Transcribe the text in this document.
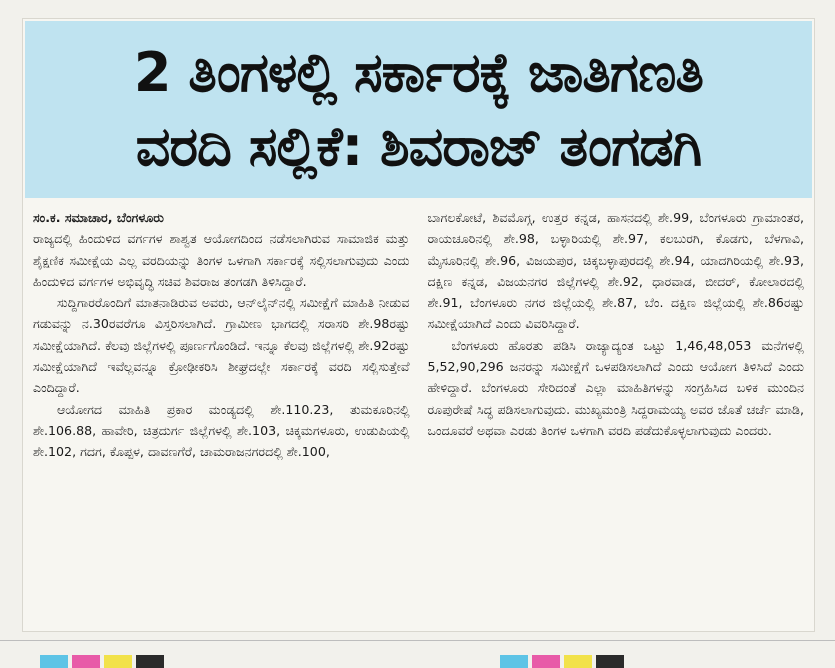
2 ತಿಂಗಳಲ್ಲಿ ಸರ್ಕಾರಕ್ಕೆ ಜಾತಿಗಣತಿ
ವರದಿ ಸಲ್ಲಿಕೆ: ಶಿವರಾಜ್ ತಂಗಡಗಿ

ಸಂ.ಕ. ಸಮಾಚಾರ, ಬೆಂಗಳೂರು

ರಾಜ್ಯದಲ್ಲಿ ಹಿಂದುಳಿದ ವರ್ಗಗಳ ಶಾಶ್ವತ ಆಯೋಗದಿಂದ ನಡೆಸಲಾಗಿರುವ ಸಾಮಾಜಿಕ ಮತ್ತು ಶೈಕ್ಷಣಿಕ ಸಮೀಕ್ಷೆಯ ಎಲ್ಲ ವರದಿಯನ್ನು ತಿಂಗಳ ಒಳಗಾಗಿ ಸರ್ಕಾರಕ್ಕೆ ಸಲ್ಲಿಸಲಾಗುವುದು ಎಂದು ಹಿಂದುಳಿದ ವರ್ಗಗಳ ಅಭಿವೃದ್ಧಿ ಸಚಿವ ಶಿವರಾಜ ತಂಗಡಗಿ ತಿಳಿಸಿದ್ದಾರೆ.

ಸುದ್ದಿಗಾರರೊಂದಿಗೆ ಮಾತನಾಡಿರುವ ಅವರು, ಆನ್‌ಲೈನ್‌ನಲ್ಲಿ ಸಮೀಕ್ಷೆಗೆ ಮಾಹಿತಿ ನೀಡುವ ಗಡುವನ್ನು ನ.30ರವರೆಗೂ ವಿಸ್ತರಿಸಲಾಗಿದೆ. ಗ್ರಾಮೀಣ ಭಾಗದಲ್ಲಿ ಸರಾಸರಿ ಶೇ.98ರಷ್ಟು ಸಮೀಕ್ಷೆಯಾಗಿದೆ. ಕೆಲವು ಜಿಲ್ಲೆಗಳಲ್ಲಿ ಪೂರ್ಣಗೊಂಡಿದೆ. ಇನ್ನೂ ಕೆಲವು ಜಿಲ್ಲೆಗಳಲ್ಲಿ ಶೇ.92ರಷ್ಟು ಸಮೀಕ್ಷೆಯಾಗಿದೆ ಇವೆಲ್ಲವನ್ನೂ ಕ್ರೋಢೀಕರಿಸಿ ಶೀಘ್ರದಲ್ಲೇ ಸರ್ಕಾರಕ್ಕೆ ವರದಿ ಸಲ್ಲಿಸುತ್ತೇವೆ ಎಂದಿದ್ದಾರೆ.

ಆಯೋಗದ ಮಾಹಿತಿ ಪ್ರಕಾರ ಮಂಡ್ಯದಲ್ಲಿ ಶೇ.110.23, ತುಮಕೂರಿನಲ್ಲಿ ಶೇ.106.88, ಹಾವೇರಿ, ಚಿತ್ರದುರ್ಗ ಜಿಲ್ಲೆಗಳಲ್ಲಿ ಶೇ.103, ಚಿಕ್ಕಮಗಳೂರು, ಉಡುಪಿಯಲ್ಲಿ ಶೇ.102, ಗದಗ, ಕೊಪ್ಪಳ, ದಾವಣಗೆರೆ, ಚಾಮರಾಜನಗರದಲ್ಲಿ ಶೇ.100,

ಬಾಗಲಕೋಟೆ, ಶಿವಮೊಗ್ಗ, ಉತ್ತರ ಕನ್ನಡ, ಹಾಸನದಲ್ಲಿ ಶೇ.99, ಬೆಂಗಳೂರು ಗ್ರಾಮಾಂತರ, ರಾಯಚೂರಿನಲ್ಲಿ ಶೇ.98, ಬಳ್ಳಾರಿಯಲ್ಲಿ ಶೇ.97, ಕಲಬುರಗಿ, ಕೊಡಗು, ಬೆಳಗಾವಿ, ಮೈಸೂರಿನಲ್ಲಿ ಶೇ.96, ವಿಜಯಪುರ, ಚಿಕ್ಕಬಳ್ಳಾಪುರದಲ್ಲಿ ಶೇ.94, ಯಾದಗಿರಿಯಲ್ಲಿ ಶೇ.93, ದಕ್ಷಿಣ ಕನ್ನಡ, ವಿಜಯನಗರ ಜಿಲ್ಲೆಗಳಲ್ಲಿ ಶೇ.92, ಧಾರವಾಡ, ಬೀದರ್, ಕೋಲಾರದಲ್ಲಿ ಶೇ.91, ಬೆಂಗಳೂರು ನಗರ ಜಿಲ್ಲೆಯಲ್ಲಿ ಶೇ.87, ಬೆಂ. ದಕ್ಷಿಣ ಜಿಲ್ಲೆಯಲ್ಲಿ ಶೇ.86ರಷ್ಟು ಸಮೀಕ್ಷೆಯಾಗಿದೆ ಎಂದು ವಿವರಿಸಿದ್ದಾರೆ.

ಬೆಂಗಳೂರು ಹೊರತು ಪಡಿಸಿ ರಾಜ್ಯಾದ್ಯಂತ ಒಟ್ಟು 1,46,48,053 ಮನೆಗಳಲ್ಲಿ 5,52,90,296 ಜನರನ್ನು ಸಮೀಕ್ಷೆಗೆ ಒಳಪಡಿಸಲಾಗಿದೆ ಎಂದು ಆಯೋಗ ತಿಳಿಸಿದೆ ಎಂದು ಹೇಳಿದ್ದಾರೆ. ಬೆಂಗಳೂರು ಸೇರಿದಂತೆ ಎಲ್ಲಾ ಮಾಹಿತಿಗಳನ್ನು ಸಂಗ್ರಹಿಸಿದ ಬಳಿಕ ಮುಂದಿನ ರೂಪುರೇಷೆ ಸಿದ್ಧ ಪಡಿಸಲಾಗುವುದು. ಮುಖ್ಯಮಂತ್ರಿ ಸಿದ್ದರಾಮಯ್ಯ ಅವರ ಜೊತೆ ಚರ್ಚೆ ಮಾಡಿ, ಒಂದೂವರೆ ಅಥವಾ ಎರಡು ತಿಂಗಳ ಒಳಗಾಗಿ ವರದಿ ಪಡೆದುಕೊಳ್ಳಲಾಗುವುದು ಎಂದರು.
